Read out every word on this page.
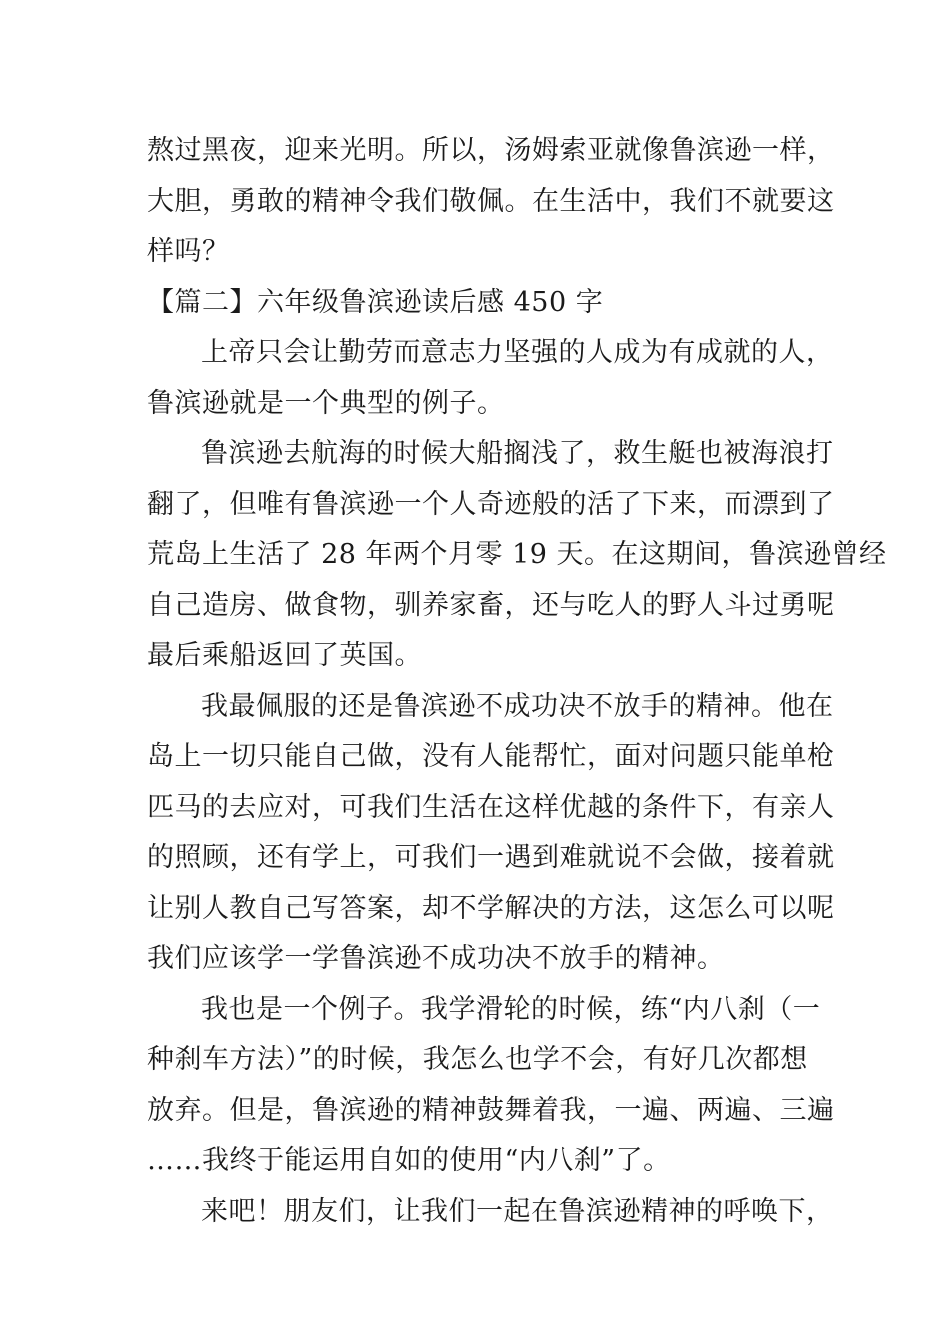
熬过黑夜，迎来光明。所以，汤姆索亚就像鲁滨逊一样，
大胆，勇敢的精神令我们敬佩。在生活中，我们不就要这
样吗？
【篇二】六年级鲁滨逊读后感 450 字
上帝只会让勤劳而意志力坚强的人成为有成就的人，
鲁滨逊就是一个典型的例子。
鲁滨逊去航海的时候大船搁浅了，救生艇也被海浪打
翻了，但唯有鲁滨逊一个人奇迹般的活了下来，而漂到了
荒岛上生活了 28 年两个月零 19 天。在这期间，鲁滨逊曾经
自己造房、做食物，驯养家畜，还与吃人的野人斗过勇呢
最后乘船返回了英国。
我最佩服的还是鲁滨逊不成功决不放手的精神。他在
岛上一切只能自己做，没有人能帮忙，面对问题只能单枪
匹马的去应对，可我们生活在这样优越的条件下，有亲人
的照顾，还有学上，可我们一遇到难就说不会做，接着就
让别人教自己写答案，却不学解决的方法，这怎么可以呢
我们应该学一学鲁滨逊不成功决不放手的精神。
我也是一个例子。我学滑轮的时候，练“内八刹（一
种刹车方法）”的时候，我怎么也学不会，有好几次都想
放弃。但是，鲁滨逊的精神鼓舞着我，一遍、两遍、三遍
……我终于能运用自如的使用“内八刹”了。
来吧！朋友们，让我们一起在鲁滨逊精神的呼唤下，
